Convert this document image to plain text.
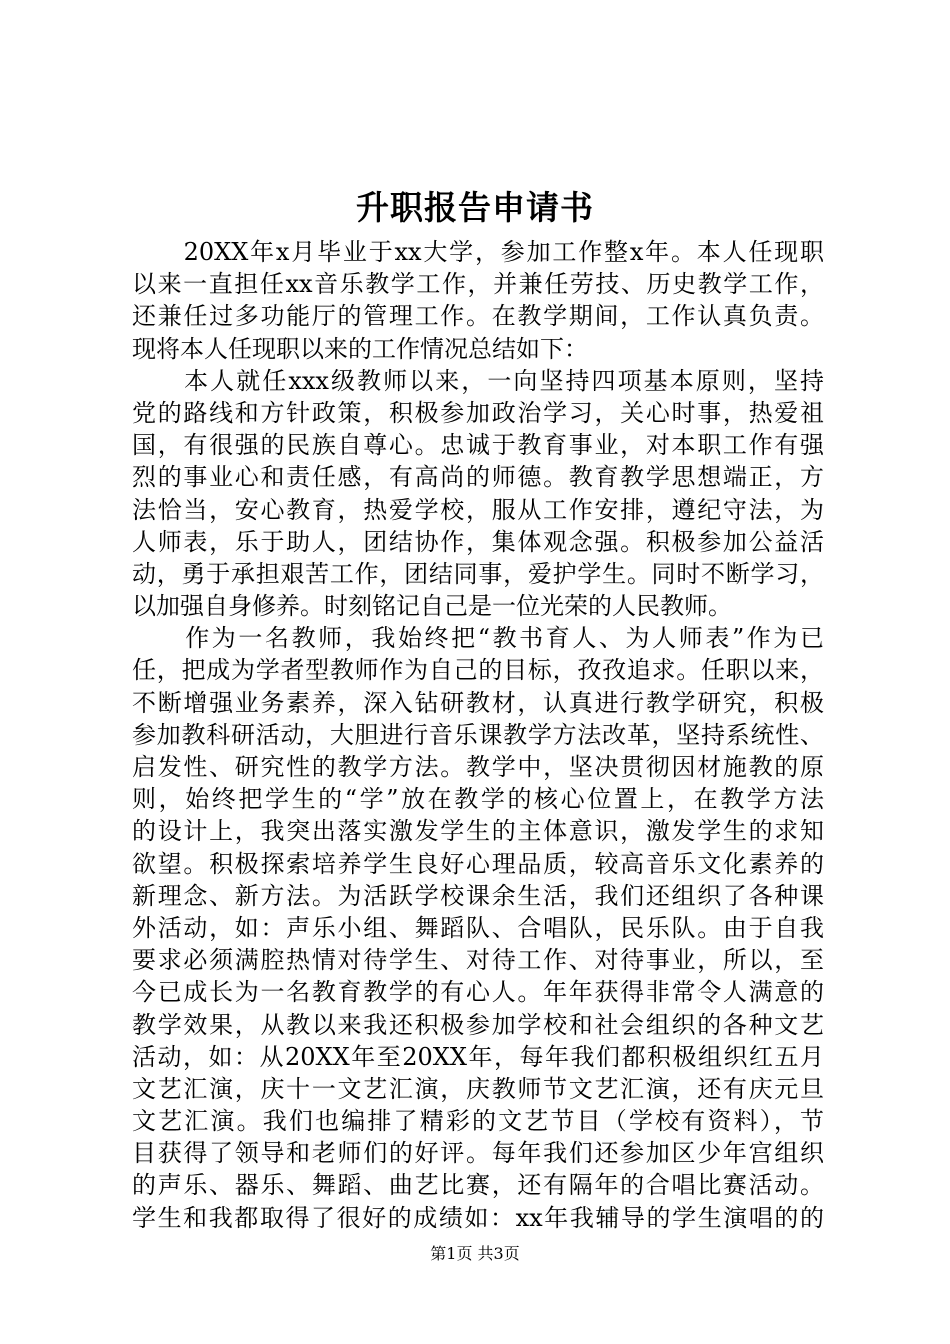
升职报告申请书
　　20XX年x月毕业于xx大学，参加工作整x年。本人任现职
以来一直担任xx音乐教学工作，并兼任劳技、历史教学工作，
还兼任过多功能厅的管理工作。在教学期间，工作认真负责。
现将本人任现职以来的工作情况总结如下：
　　本人就任xxx级教师以来，一向坚持四项基本原则，坚持
党的路线和方针政策，积极参加政治学习，关心时事，热爱祖
国，有很强的民族自尊心。忠诚于教育事业，对本职工作有强
烈的事业心和责任感，有高尚的师德。教育教学思想端正，方
法恰当，安心教育，热爱学校，服从工作安排，遵纪守法，为
人师表，乐于助人，团结协作，集体观念强。积极参加公益活
动，勇于承担艰苦工作，团结同事，爱护学生。同时不断学习，
以加强自身修养。时刻铭记自己是一位光荣的人民教师。
　　作为一名教师，我始终把“教书育人、为人师表”作为已
任，把成为学者型教师作为自己的目标，孜孜追求。任职以来，
不断增强业务素养，深入钻研教材，认真进行教学研究，积极
参加教科研活动，大胆进行音乐课教学方法改革，坚持系统性、
启发性、研究性的教学方法。教学中，坚决贯彻因材施教的原
则，始终把学生的“学”放在教学的核心位置上，在教学方法
的设计上，我突出落实激发学生的主体意识，激发学生的求知
欲望。积极探索培养学生良好心理品质，较高音乐文化素养的
新理念、新方法。为活跃学校课余生活，我们还组织了各种课
外活动，如：声乐小组、舞蹈队、合唱队，民乐队。由于自我
要求必须满腔热情对待学生、对待工作、对待事业，所以，至
今已成长为一名教育教学的有心人。年年获得非常令人满意的
教学效果，从教以来我还积极参加学校和社会组织的各种文艺
活动，如：从20XX年至20XX年，每年我们都积极组织红五月
文艺汇演，庆十一文艺汇演，庆教师节文艺汇演，还有庆元旦
文艺汇演。我们也编排了精彩的文艺节目（学校有资料），节
目获得了领导和老师们的好评。每年我们还参加区少年宫组织
的声乐、器乐、舞蹈、曲艺比赛，还有隔年的合唱比赛活动。
学生和我都取得了很好的成绩如：xx年我辅导的学生演唱的的
第1页 共3页
